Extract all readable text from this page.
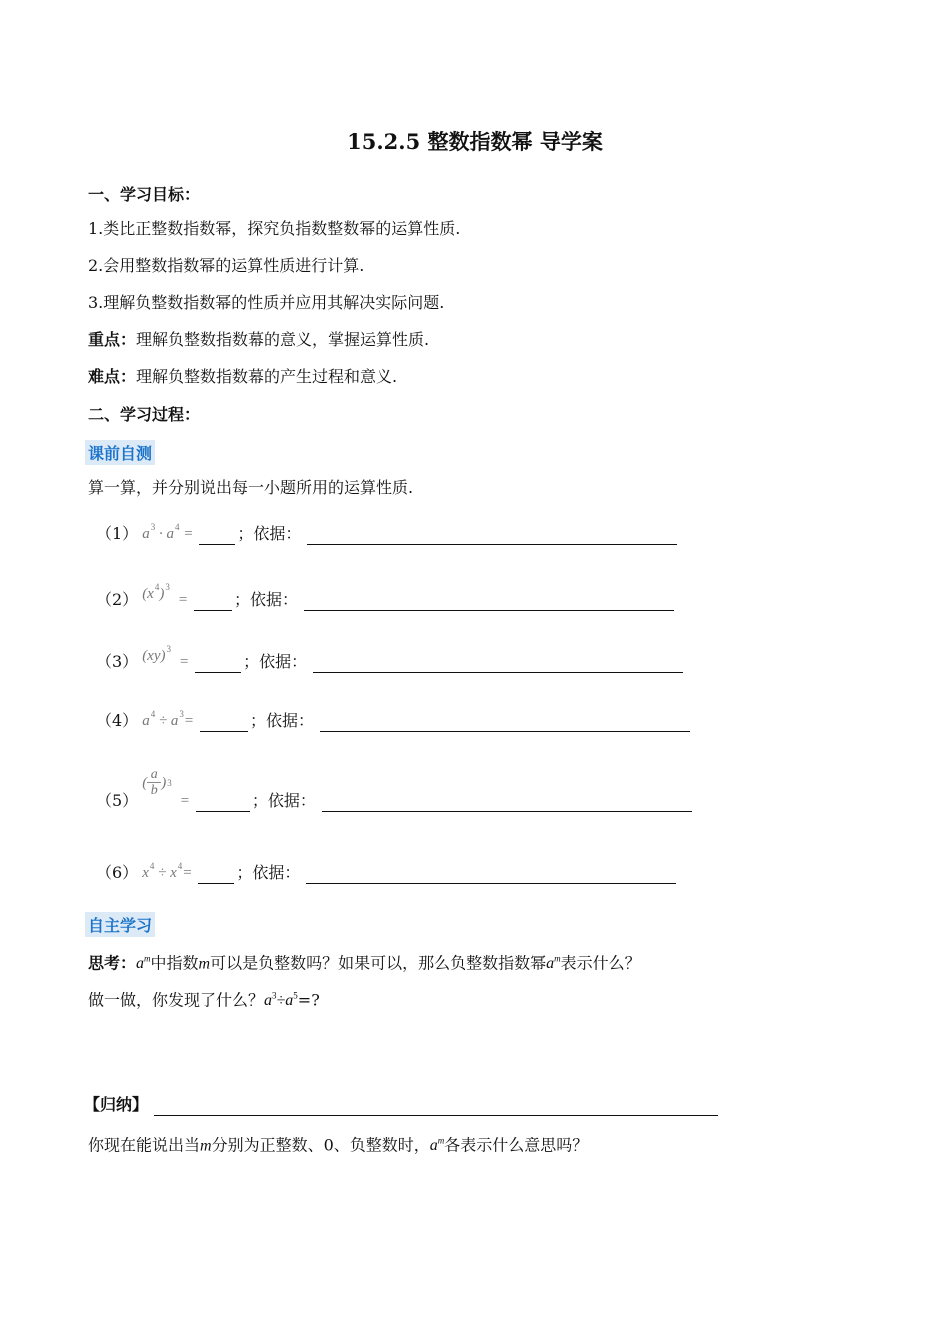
15.2.5 整数指数幂 导学案
一、学习目标：
1.类比正整数指数幂，探究负指数整数幂的运算性质.
2.会用整数指数幂的运算性质进行计算.
3.理解负整数指数幂的性质并应用其解决实际问题.
重点：理解负整数指数幕的意义，掌握运算性质.
难点：理解负整数指数幕的产生过程和意义.
二、学习过程：
课前自测
算一算，并分别说出每一小题所用的运算性质.
（1） $a^3 \cdot a^4$ =	；依据：
（2） $(x^4)^3$
=	；依据：
（3） (xy)$^3$
=	；依据：
（4） $a^4 \div a^3=$	；依据：
（5）
( $\frac{a}{b}$ ) 3
=	；依据：
（6） $x^4 \div x^4=$	；依据：
自主学习
思考：$a^m$中指数m可以是负整数吗？如果可以，那么负整数指数幂$a^m$表示什么？
做一做，你发现了什么？$a^3\div a^5=$?
【归纳】
你现在能说出当m分别为正整数、0、负整数时，$a^m$各表示什么意思吗？
